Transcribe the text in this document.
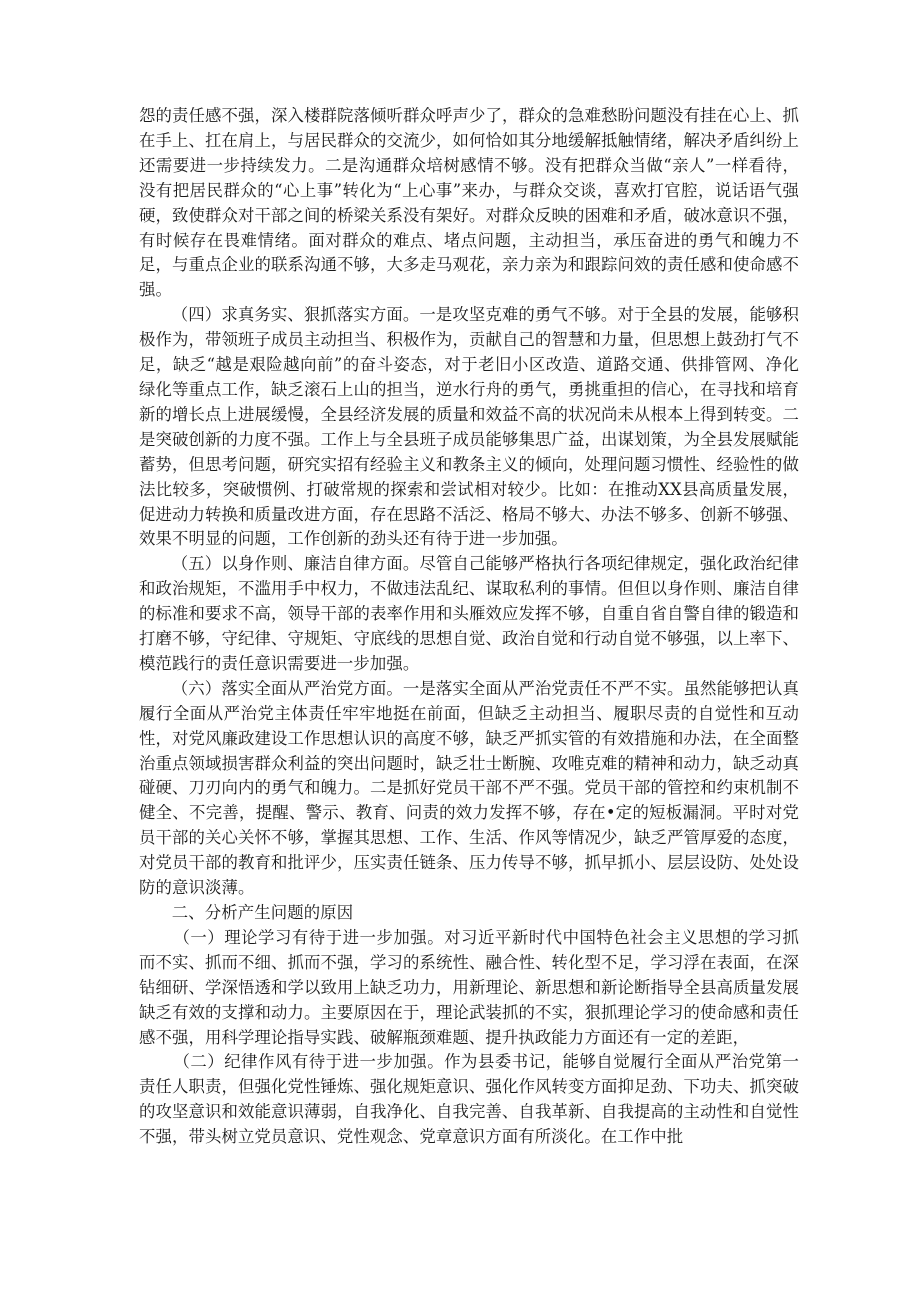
怨的责任感不强，深入楼群院落倾听群众呼声少了，群众的急难愁盼问题没有挂在心上、抓在手上、扛在肩上，与居民群众的交流少，如何恰如其分地缓解抵触情绪，解决矛盾纠纷上还需要进一步持续发力。二是沟通群众培树感情不够。没有把群众当做“亲人”一样看待，没有把居民群众的“心上事”转化为“上心事”来办，与群众交谈，喜欢打官腔，说话语气强硬，致使群众对干部之间的桥梁关系没有架好。对群众反映的困难和矛盾，破冰意识不强，有时候存在畏难情绪。面对群众的难点、堵点问题，主动担当，承压奋进的勇气和魄力不足，与重点企业的联系沟通不够，大多走马观花，亲力亲为和跟踪问效的责任感和使命感不强。

（四）求真务实、狠抓落实方面。一是攻坚克难的勇气不够。对于全县的发展，能够积极作为，带领班子成员主动担当、积极作为，贡献自己的智慧和力量，但思想上鼓劲打气不足，缺乏“越是艰险越向前”的奋斗姿态，对于老旧小区改造、道路交通、供排管网、净化绿化等重点工作，缺乏滚石上山的担当，逆水行舟的勇气，勇挑重担的信心，在寻找和培育新的增长点上进展缓慢，全县经济发展的质量和效益不高的状况尚未从根本上得到转变。二是突破创新的力度不强。工作上与全县班子成员能够集思广益，出谋划策，为全县发展赋能蓄势，但思考问题，研究实招有经验主义和教条主义的倾向，处理问题习惯性、经验性的做法比较多，突破惯例、打破常规的探索和尝试相对较少。比如：在推动XX县高质量发展，促进动力转换和质量改进方面，存在思路不活泛、格局不够大、办法不够多、创新不够强、效果不明显的问题，工作创新的劲头还有待于进一步加强。

（五）以身作则、廉洁自律方面。尽管自己能够严格执行各项纪律规定，强化政治纪律和政治规矩，不滥用手中权力，不做违法乱纪、谋取私利的事情。但但以身作则、廉洁自律的标准和要求不高，领导干部的表率作用和头雁效应发挥不够，自重自省自警自律的锻造和打磨不够，守纪律、守规矩、守底线的思想自觉、政治自觉和行动自觉不够强，以上率下、模范践行的责任意识需要进一步加强。

（六）落实全面从严治党方面。一是落实全面从严治党责任不严不实。虽然能够把认真履行全面从严治党主体责任牢牢地挺在前面，但缺乏主动担当、履职尽责的自觉性和互动性，对党风廉政建设工作思想认识的高度不够，缺乏严抓实管的有效措施和办法，在全面整治重点领域损害群众利益的突出问题时，缺乏壮士断腕、攻唯克难的精神和动力，缺乏动真碰硬、刀刃向内的勇气和魄力。二是抓好党员干部不严不强。党员干部的管控和约束机制不健全、不完善，提醒、警示、教育、问责的效力发挥不够，存在•定的短板漏洞。平时对党员干部的关心关怀不够，掌握其思想、工作、生活、作风等情况少，缺乏严管厚爱的态度，对党员干部的教育和批评少，压实责任链条、压力传导不够，抓早抓小、层层设防、处处设防的意识淡薄。

二、分析产生问题的原因

（一）理论学习有待于进一步加强。对习近平新时代中国特色社会主义思想的学习抓而不实、抓而不细、抓而不强，学习的系统性、融合性、转化型不足，学习浮在表面，在深钻细研、学深悟透和学以致用上缺乏功力，用新理论、新思想和新论断指导全县高质量发展缺乏有效的支撑和动力。主要原因在于，理论武装抓的不实，狠抓理论学习的使命感和责任感不强，用科学理论指导实践、破解瓶颈难题、提升执政能力方面还有一定的差距，

（二）纪律作风有待于进一步加强。作为县委书记，能够自觉履行全面从严治党第一责任人职责，但强化党性锤炼、强化规矩意识、强化作风转变方面抑足劲、下功夫、抓突破的攻坚意识和效能意识薄弱，自我净化、自我完善、自我革新、自我提高的主动性和自觉性不强，带头树立党员意识、党性观念、党章意识方面有所淡化。在工作中批
